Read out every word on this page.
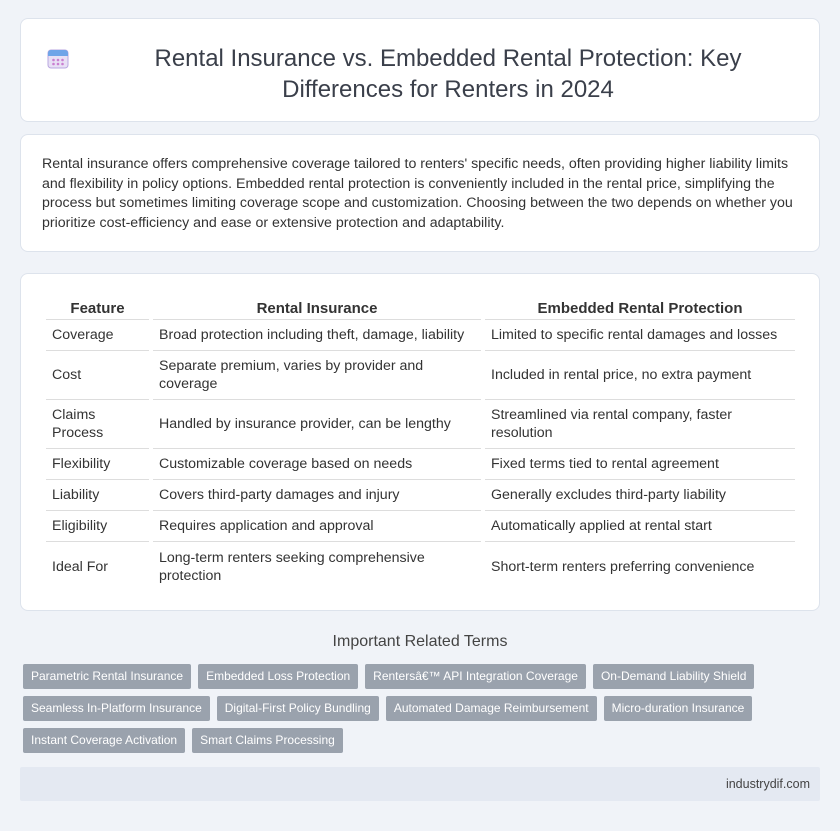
Rental Insurance vs. Embedded Rental Protection: Key Differences for Renters in 2024

Rental insurance offers comprehensive coverage tailored to renters' specific needs, often providing higher liability limits and flexibility in policy options. Embedded rental protection is conveniently included in the rental price, simplifying the process but sometimes limiting coverage scope and customization. Choosing between the two depends on whether you prioritize cost-efficiency and ease or extensive protection and adaptability.

Feature	Rental Insurance	Embedded Rental Protection
Coverage	Broad protection including theft, damage, liability	Limited to specific rental damages and losses
Cost	Separate premium, varies by provider and coverage	Included in rental price, no extra payment
Claims Process	Handled by insurance provider, can be lengthy	Streamlined via rental company, faster resolution
Flexibility	Customizable coverage based on needs	Fixed terms tied to rental agreement
Liability	Covers third-party damages and injury	Generally excludes third-party liability
Eligibility	Requires application and approval	Automatically applied at rental start
Ideal For	Long-term renters seeking comprehensive protection	Short-term renters preferring convenience
Important Related Terms
Parametric Rental Insurance	Embedded Loss Protection	Rentersâ€™ API Integration Coverage	On-Demand Liability Shield
Seamless In-Platform Insurance	Digital-First Policy Bundling	Automated Damage Reimbursement	Micro-duration Insurance
Instant Coverage Activation	Smart Claims Processing
industrydif.com
